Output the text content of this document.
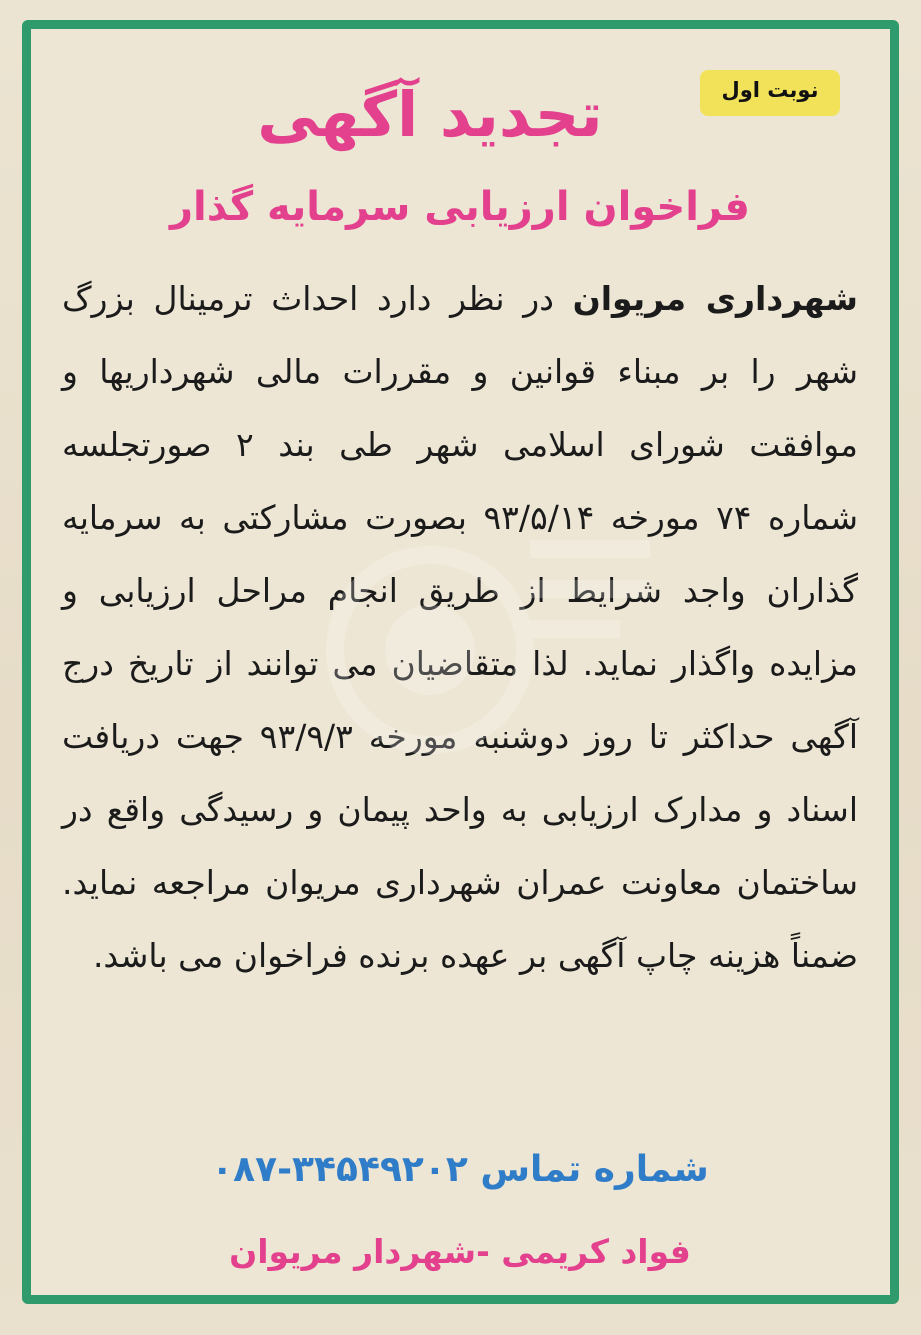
نوبت اول
تجدید آگهی
فراخوان ارزیابی سرمایه گذار
شهرداری مریوان در نظر دارد احداث ترمینال بزرگ شهر را بر مبناء قوانین و مقررات مالی شهرداریها و موافقت شورای اسلامی شهر طی بند ۲ صورتجلسه شماره ۷۴ مورخه ۹۳/۵/۱۴ بصورت مشارکتی به سرمایه گذاران واجد شرایط از طریق انجام مراحل ارزیابی و مزایده واگذار نماید. لذا متقاضیان می توانند از تاریخ درج آگهی حداکثر تا روز دوشنبه مورخه ۹۳/۹/۳ جهت دریافت اسناد و مدارک ارزیابی به واحد پیمان و رسیدگی واقع در ساختمان معاونت عمران شهرداری مریوان مراجعه نماید. ضمناً هزینه چاپ آگهی بر عهده برنده فراخوان می باشد.
شماره تماس ۰۸۷-۳۴۵۴۹۲۰۲
فواد کریمی -شهردار مریوان
